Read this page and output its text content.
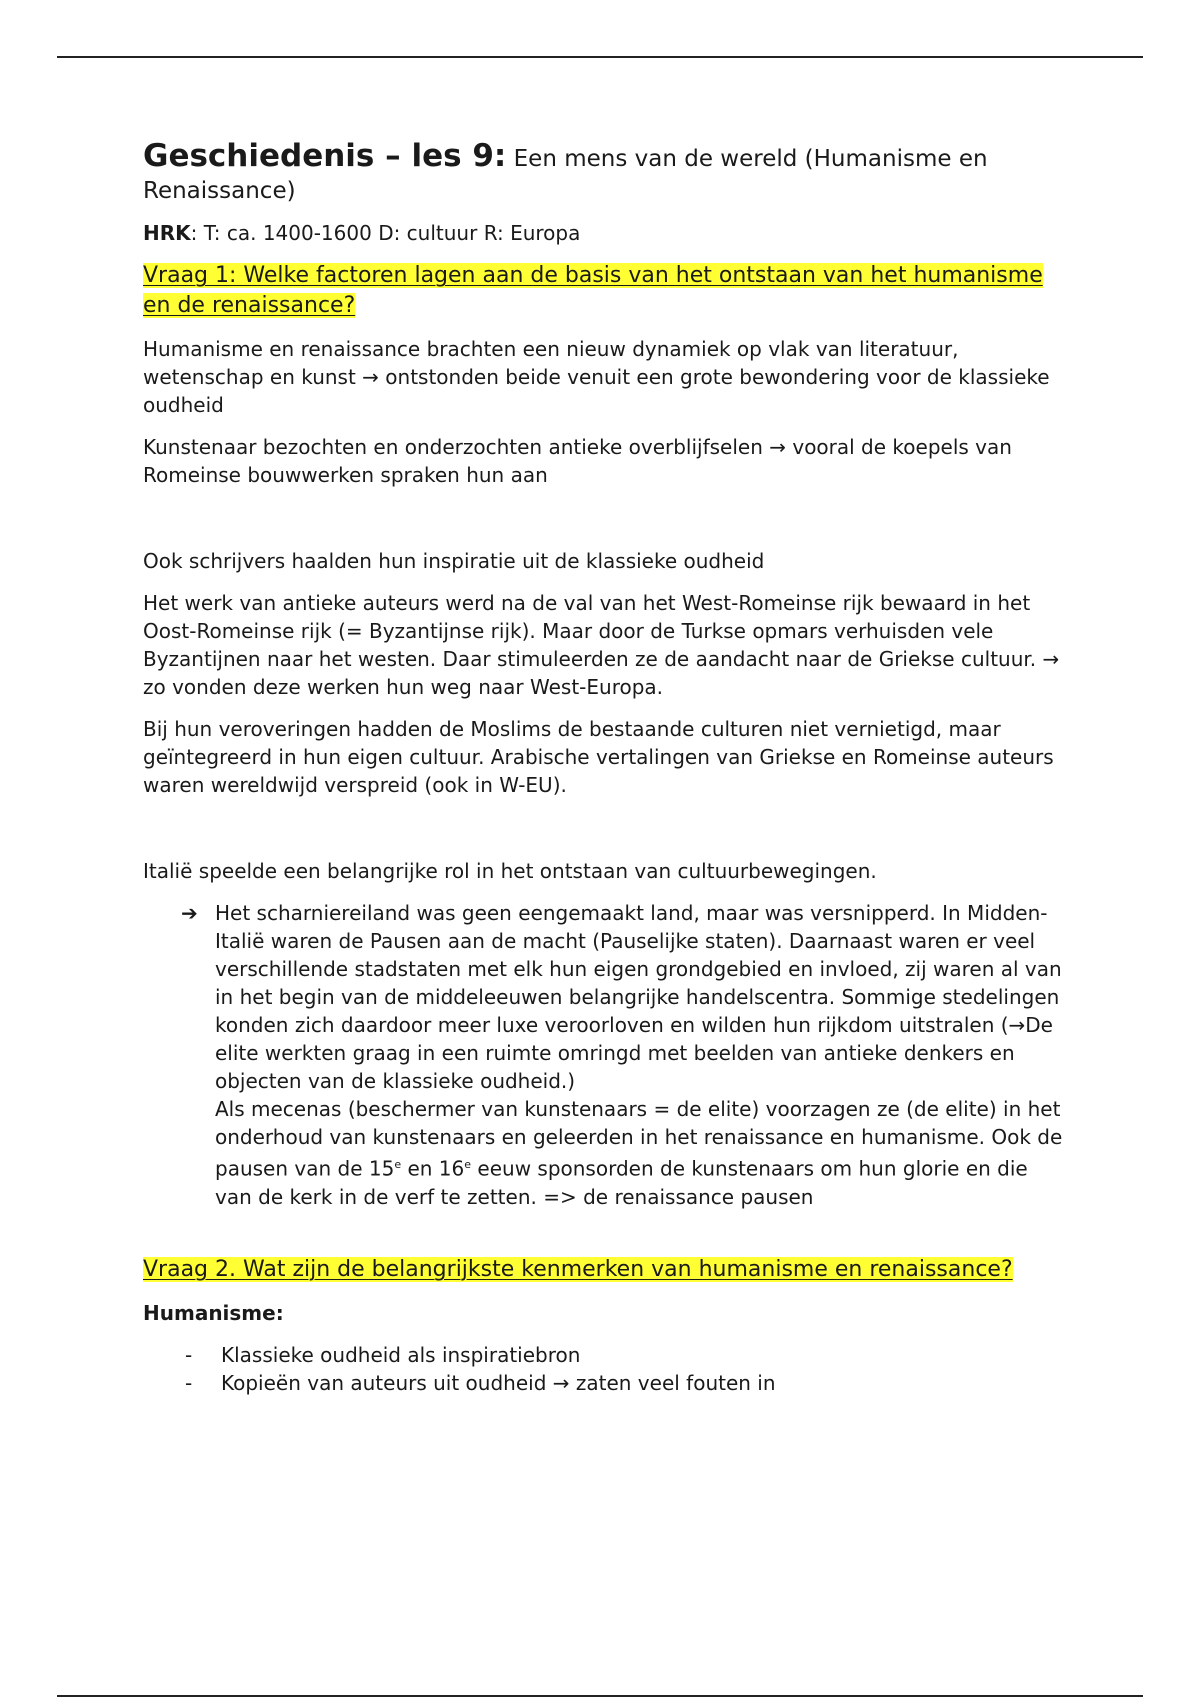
Geschiedenis – les 9: Een mens van de wereld (Humanisme en Renaissance)

HRK: T: ca. 1400-1600 D: cultuur R: Europa

Vraag 1: Welke factoren lagen aan de basis van het ontstaan van het humanisme en de renaissance?

Humanisme en renaissance brachten een nieuw dynamiek op vlak van literatuur, wetenschap en kunst → ontstonden beide venuit een grote bewondering voor de klassieke oudheid

Kunstenaar bezochten en onderzochten antieke overblijfselen → vooral de koepels van Romeinse bouwwerken spraken hun aan

Ook schrijvers haalden hun inspiratie uit de klassieke oudheid

Het werk van antieke auteurs werd na de val van het West-Romeinse rijk bewaard in het Oost-Romeinse rijk (= Byzantijnse rijk). Maar door de Turkse opmars verhuisden vele Byzantijnen naar het westen. Daar stimuleerden ze de aandacht naar de Griekse cultuur. → zo vonden deze werken hun weg naar West-Europa.

Bij hun veroveringen hadden de Moslims de bestaande culturen niet vernietigd, maar geïntegreerd in hun eigen cultuur. Arabische vertalingen van Griekse en Romeinse auteurs waren wereldwijd verspreid (ook in W-EU).

Italië speelde een belangrijke rol in het ontstaan van cultuurbewegingen.

➔ Het scharniereiland was geen eengemaakt land, maar was versnipperd. In Midden-Italië waren de Pausen aan de macht (Pauselijke staten). Daarnaast waren er veel verschillende stadstaten met elk hun eigen grondgebied en invloed, zij waren al van in het begin van de middeleeuwen belangrijke handelscentra. Sommige stedelingen konden zich daardoor meer luxe veroorloven en wilden hun rijkdom uitstralen (→De elite werkten graag in een ruimte omringd met beelden van antieke denkers en objecten van de klassieke oudheid.)

Als mecenas (beschermer van kunstenaars = de elite) voorzagen ze (de elite) in het onderhoud van kunstenaars en geleerden in het renaissance en humanisme. Ook de pausen van de 15e en 16e eeuw sponsorden de kunstenaars om hun glorie en die van de kerk in de verf te zetten. => de renaissance pausen

Vraag 2. Wat zijn de belangrijkste kenmerken van humanisme en renaissance?

Humanisme:

-	Klassieke oudheid als inspiratiebron
-	Kopieën van auteurs uit oudheid → zaten veel fouten in
